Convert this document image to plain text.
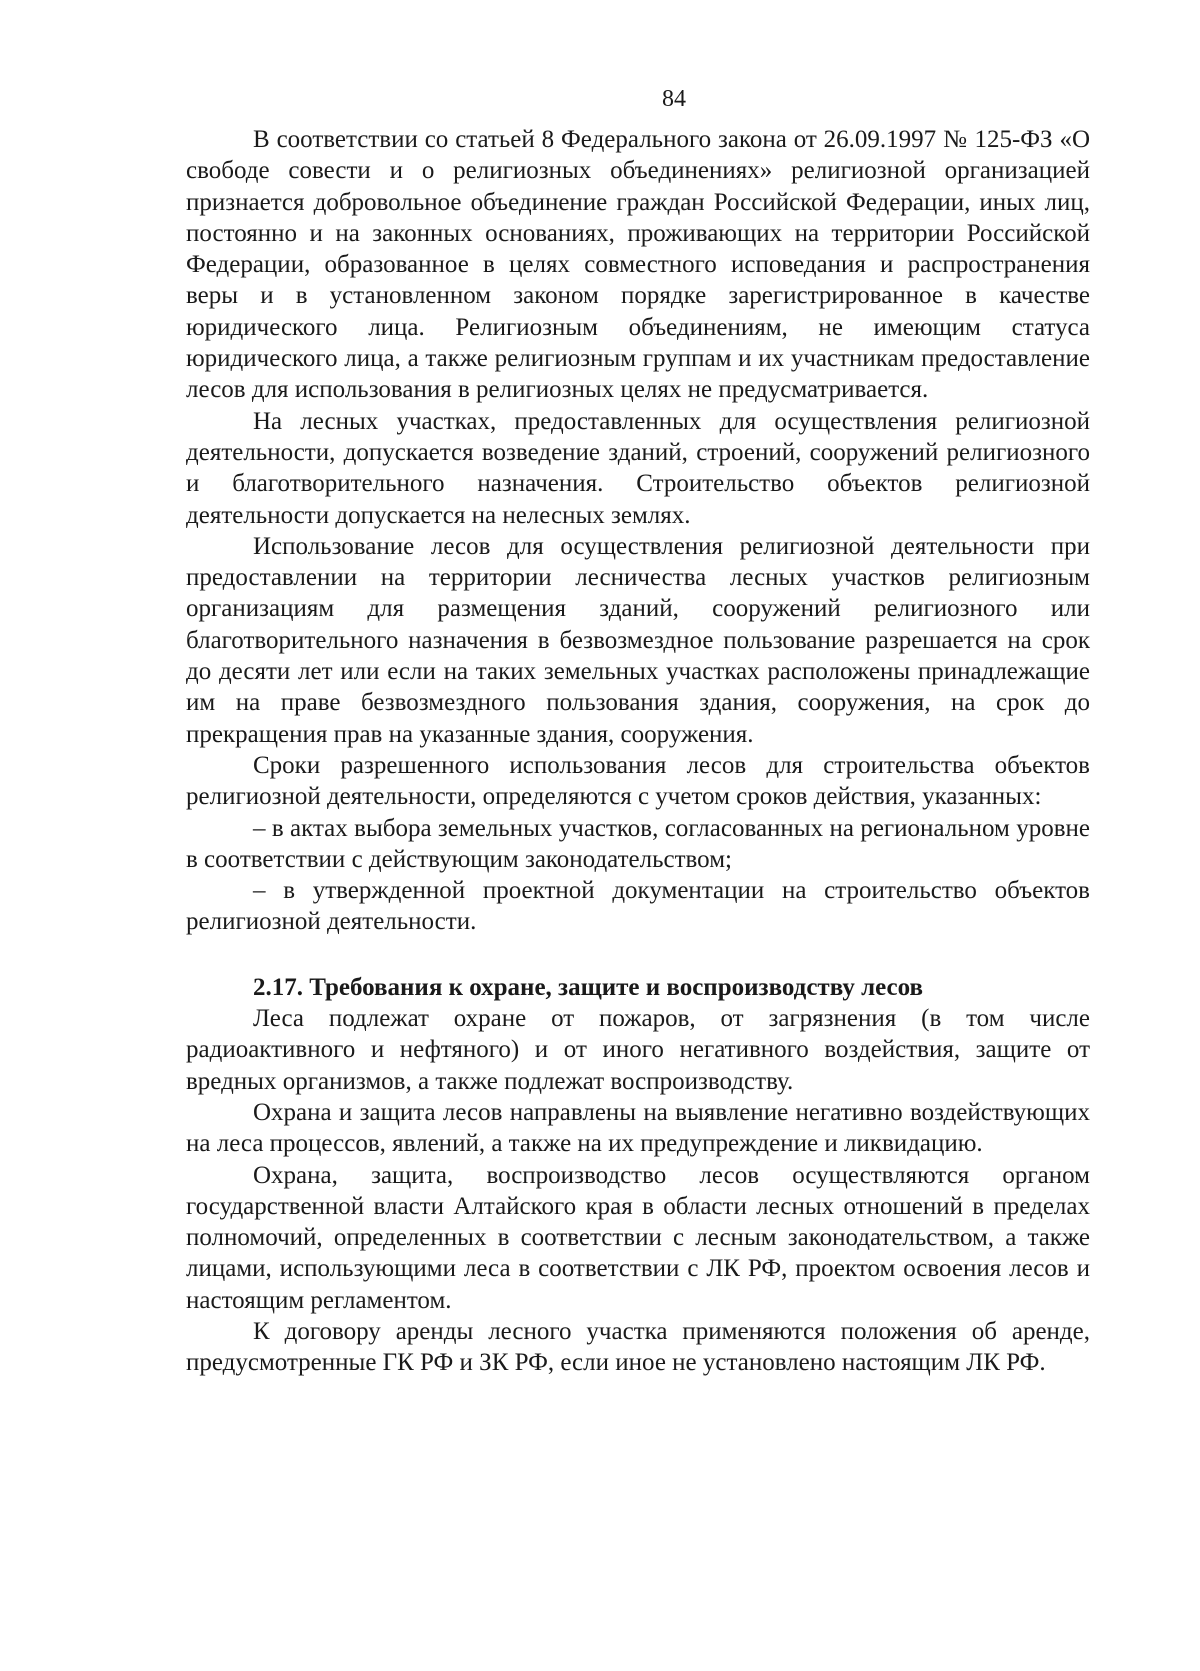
84

В соответствии со статьей 8 Федерального закона от 26.09.1997 № 125-ФЗ «О свободе совести и о религиозных объединениях» религиозной организацией признается добровольное объединение граждан Российской Федерации, иных лиц, постоянно и на законных основаниях, проживающих на территории Российской Федерации, образованное в целях совместного исповедания и распространения веры и в установленном законом порядке зарегистрированное в качестве юридического лица. Религиозным объединениям, не имеющим статуса юридического лица, а также религиозным группам и их участникам предоставление лесов для использования в религиозных целях не предусматривается.

На лесных участках, предоставленных для осуществления религиозной деятельности, допускается возведение зданий, строений, сооружений религиозного и благотворительного назначения. Строительство объектов религиозной деятельности допускается на нелесных землях.

Использование лесов для осуществления религиозной деятельности при предоставлении на территории лесничества лесных участков религиозным организациям для размещения зданий, сооружений религиозного или благотворительного назначения в безвозмездное пользование разрешается на срок до десяти лет или если на таких земельных участках расположены принадлежащие им на праве безвозмездного пользования здания, сооружения, на срок до прекращения прав на указанные здания, сооружения.

Сроки разрешенного использования лесов для строительства объектов религиозной деятельности, определяются с учетом сроков действия, указанных:

– в актах выбора земельных участков, согласованных на региональном уровне в соответствии с действующим законодательством;

– в утвержденной проектной документации на строительство объектов религиозной деятельности.

2.17. Требования к охране, защите и воспроизводству лесов

Леса подлежат охране от пожаров, от загрязнения (в том числе радиоактивного и нефтяного) и от иного негативного воздействия, защите от вредных организмов, а также подлежат воспроизводству.

Охрана и защита лесов направлены на выявление негативно воздействующих на леса процессов, явлений, а также на их предупреждение и ликвидацию.

Охрана, защита, воспроизводство лесов осуществляются органом государственной власти Алтайского края в области лесных отношений в пределах полномочий, определенных в соответствии с лесным законодательством, а также лицами, использующими леса в соответствии с ЛК РФ, проектом освоения лесов и настоящим регламентом.

К договору аренды лесного участка применяются положения об аренде, предусмотренные ГК РФ и ЗК РФ, если иное не установлено настоящим ЛК РФ.
